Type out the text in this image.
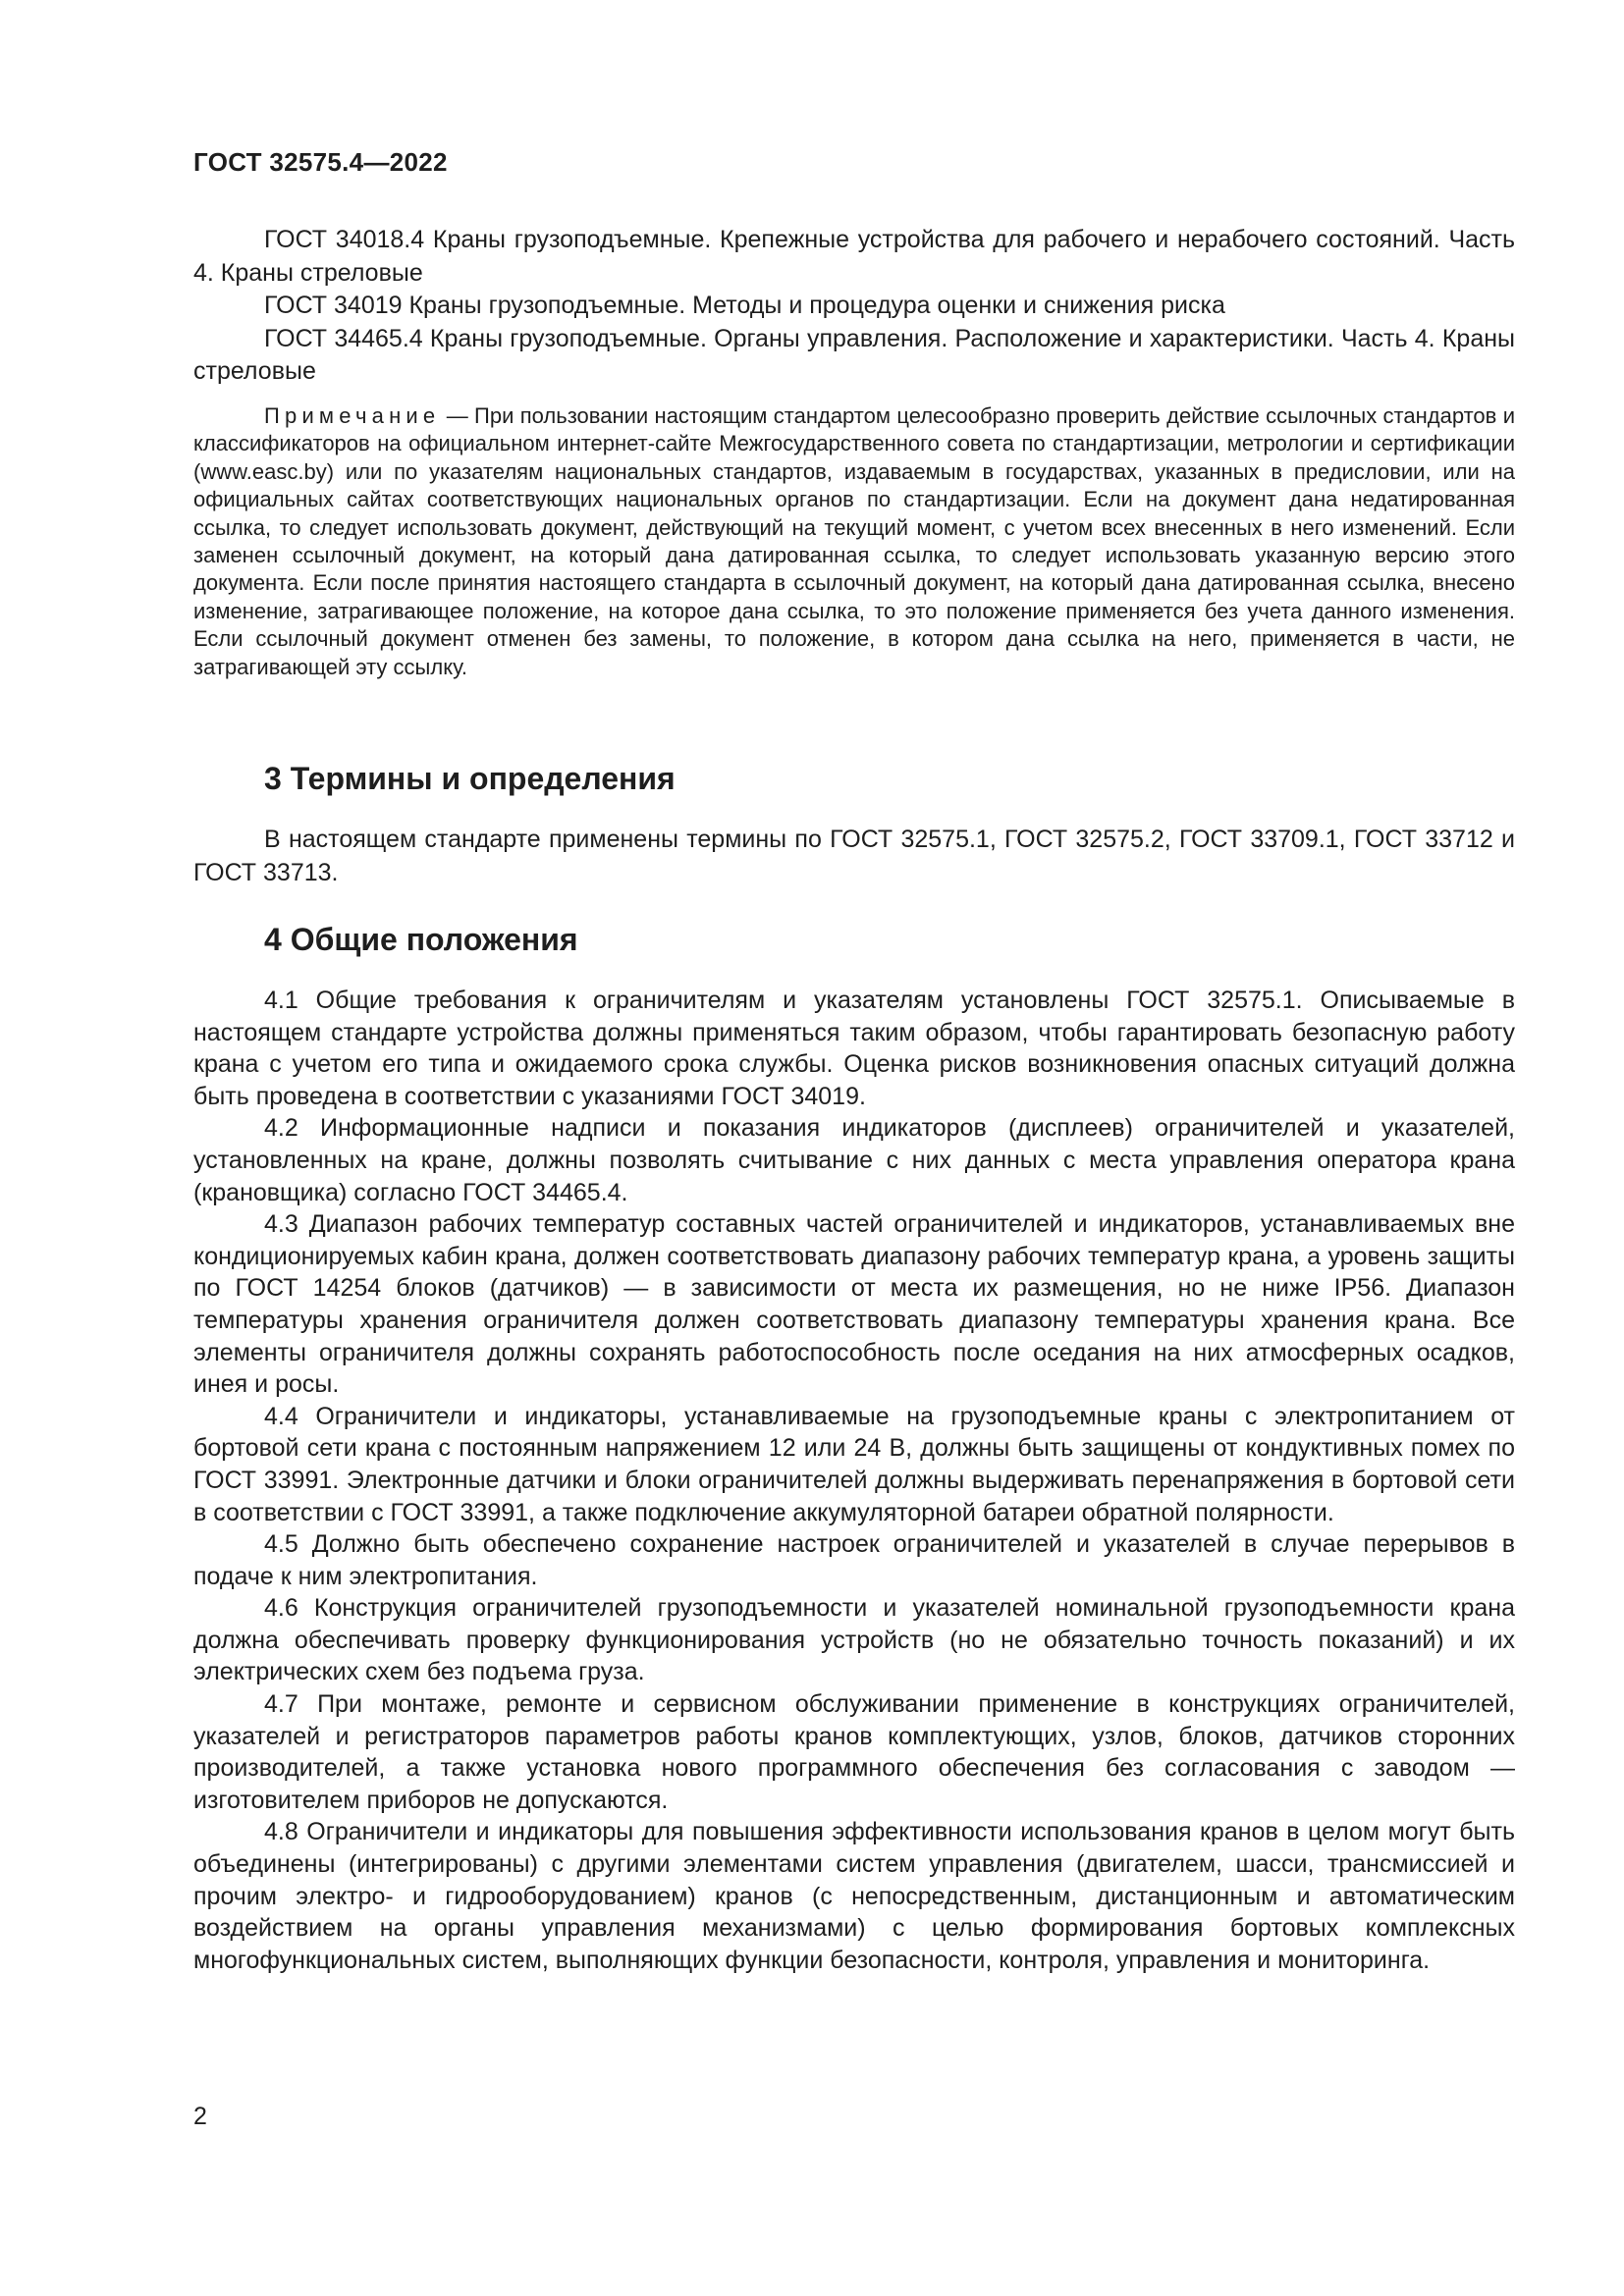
ГОСТ 32575.4—2022

ГОСТ 34018.4 Краны грузоподъемные. Крепежные устройства для рабочего и нерабочего состояний. Часть 4. Краны стреловые

ГОСТ 34019 Краны грузоподъемные. Методы и процедура оценки и снижения риска

ГОСТ 34465.4 Краны грузоподъемные. Органы управления. Расположение и характеристики. Часть 4. Краны стреловые

Примечание — При пользовании настоящим стандартом целесообразно проверить действие ссылочных стандартов и классификаторов на официальном интернет-сайте Межгосударственного совета по стандартизации, метрологии и сертификации (www.easc.by) или по указателям национальных стандартов, издаваемым в государствах, указанных в предисловии, или на официальных сайтах соответствующих национальных органов по стандартизации. Если на документ дана недатированная ссылка, то следует использовать документ, действующий на текущий момент, с учетом всех внесенных в него изменений. Если заменен ссылочный документ, на который дана датированная ссылка, то следует использовать указанную версию этого документа. Если после принятия настоящего стандарта в ссылочный документ, на который дана датированная ссылка, внесено изменение, затрагивающее положение, на которое дана ссылка, то это положение применяется без учета данного изменения. Если ссылочный документ отменен без замены, то положение, в котором дана ссылка на него, применяется в части, не затрагивающей эту ссылку.

3 Термины и определения

В настоящем стандарте применены термины по ГОСТ 32575.1, ГОСТ 32575.2, ГОСТ 33709.1, ГОСТ 33712 и ГОСТ 33713.

4 Общие положения

4.1 Общие требования к ограничителям и указателям установлены ГОСТ 32575.1. Описываемые в настоящем стандарте устройства должны применяться таким образом, чтобы гарантировать безопасную работу крана с учетом его типа и ожидаемого срока службы. Оценка рисков возникновения опасных ситуаций должна быть проведена в соответствии с указаниями ГОСТ 34019.

4.2 Информационные надписи и показания индикаторов (дисплеев) ограничителей и указателей, установленных на кране, должны позволять считывание с них данных с места управления оператора крана (крановщика) согласно ГОСТ 34465.4.

4.3 Диапазон рабочих температур составных частей ограничителей и индикаторов, устанавливаемых вне кондиционируемых кабин крана, должен соответствовать диапазону рабочих температур крана, а уровень защиты по ГОСТ 14254 блоков (датчиков) — в зависимости от места их размещения, но не ниже IP56. Диапазон температуры хранения ограничителя должен соответствовать диапазону температуры хранения крана. Все элементы ограничителя должны сохранять работоспособность после оседания на них атмосферных осадков, инея и росы.

4.4 Ограничители и индикаторы, устанавливаемые на грузоподъемные краны с электропитанием от бортовой сети крана с постоянным напряжением 12 или 24 В, должны быть защищены от кондуктивных помех по ГОСТ 33991. Электронные датчики и блоки ограничителей должны выдерживать перенапряжения в бортовой сети в соответствии с ГОСТ 33991, а также подключение аккумуляторной батареи обратной полярности.

4.5 Должно быть обеспечено сохранение настроек ограничителей и указателей в случае перерывов в подаче к ним электропитания.

4.6 Конструкция ограничителей грузоподъемности и указателей номинальной грузоподъемности крана должна обеспечивать проверку функционирования устройств (но не обязательно точность показаний) и их электрических схем без подъема груза.

4.7 При монтаже, ремонте и сервисном обслуживании применение в конструкциях ограничителей, указателей и регистраторов параметров работы кранов комплектующих, узлов, блоков, датчиков сторонних производителей, а также установка нового программного обеспечения без согласования с заводом — изготовителем приборов не допускаются.

4.8 Ограничители и индикаторы для повышения эффективности использования кранов в целом могут быть объединены (интегрированы) с другими элементами систем управления (двигателем, шасси, трансмиссией и прочим электро- и гидрооборудованием) кранов (с непосредственным, дистанционным и автоматическим воздействием на органы управления механизмами) с целью формирования бортовых комплексных многофункциональных систем, выполняющих функции безопасности, контроля, управления и мониторинга.

2
